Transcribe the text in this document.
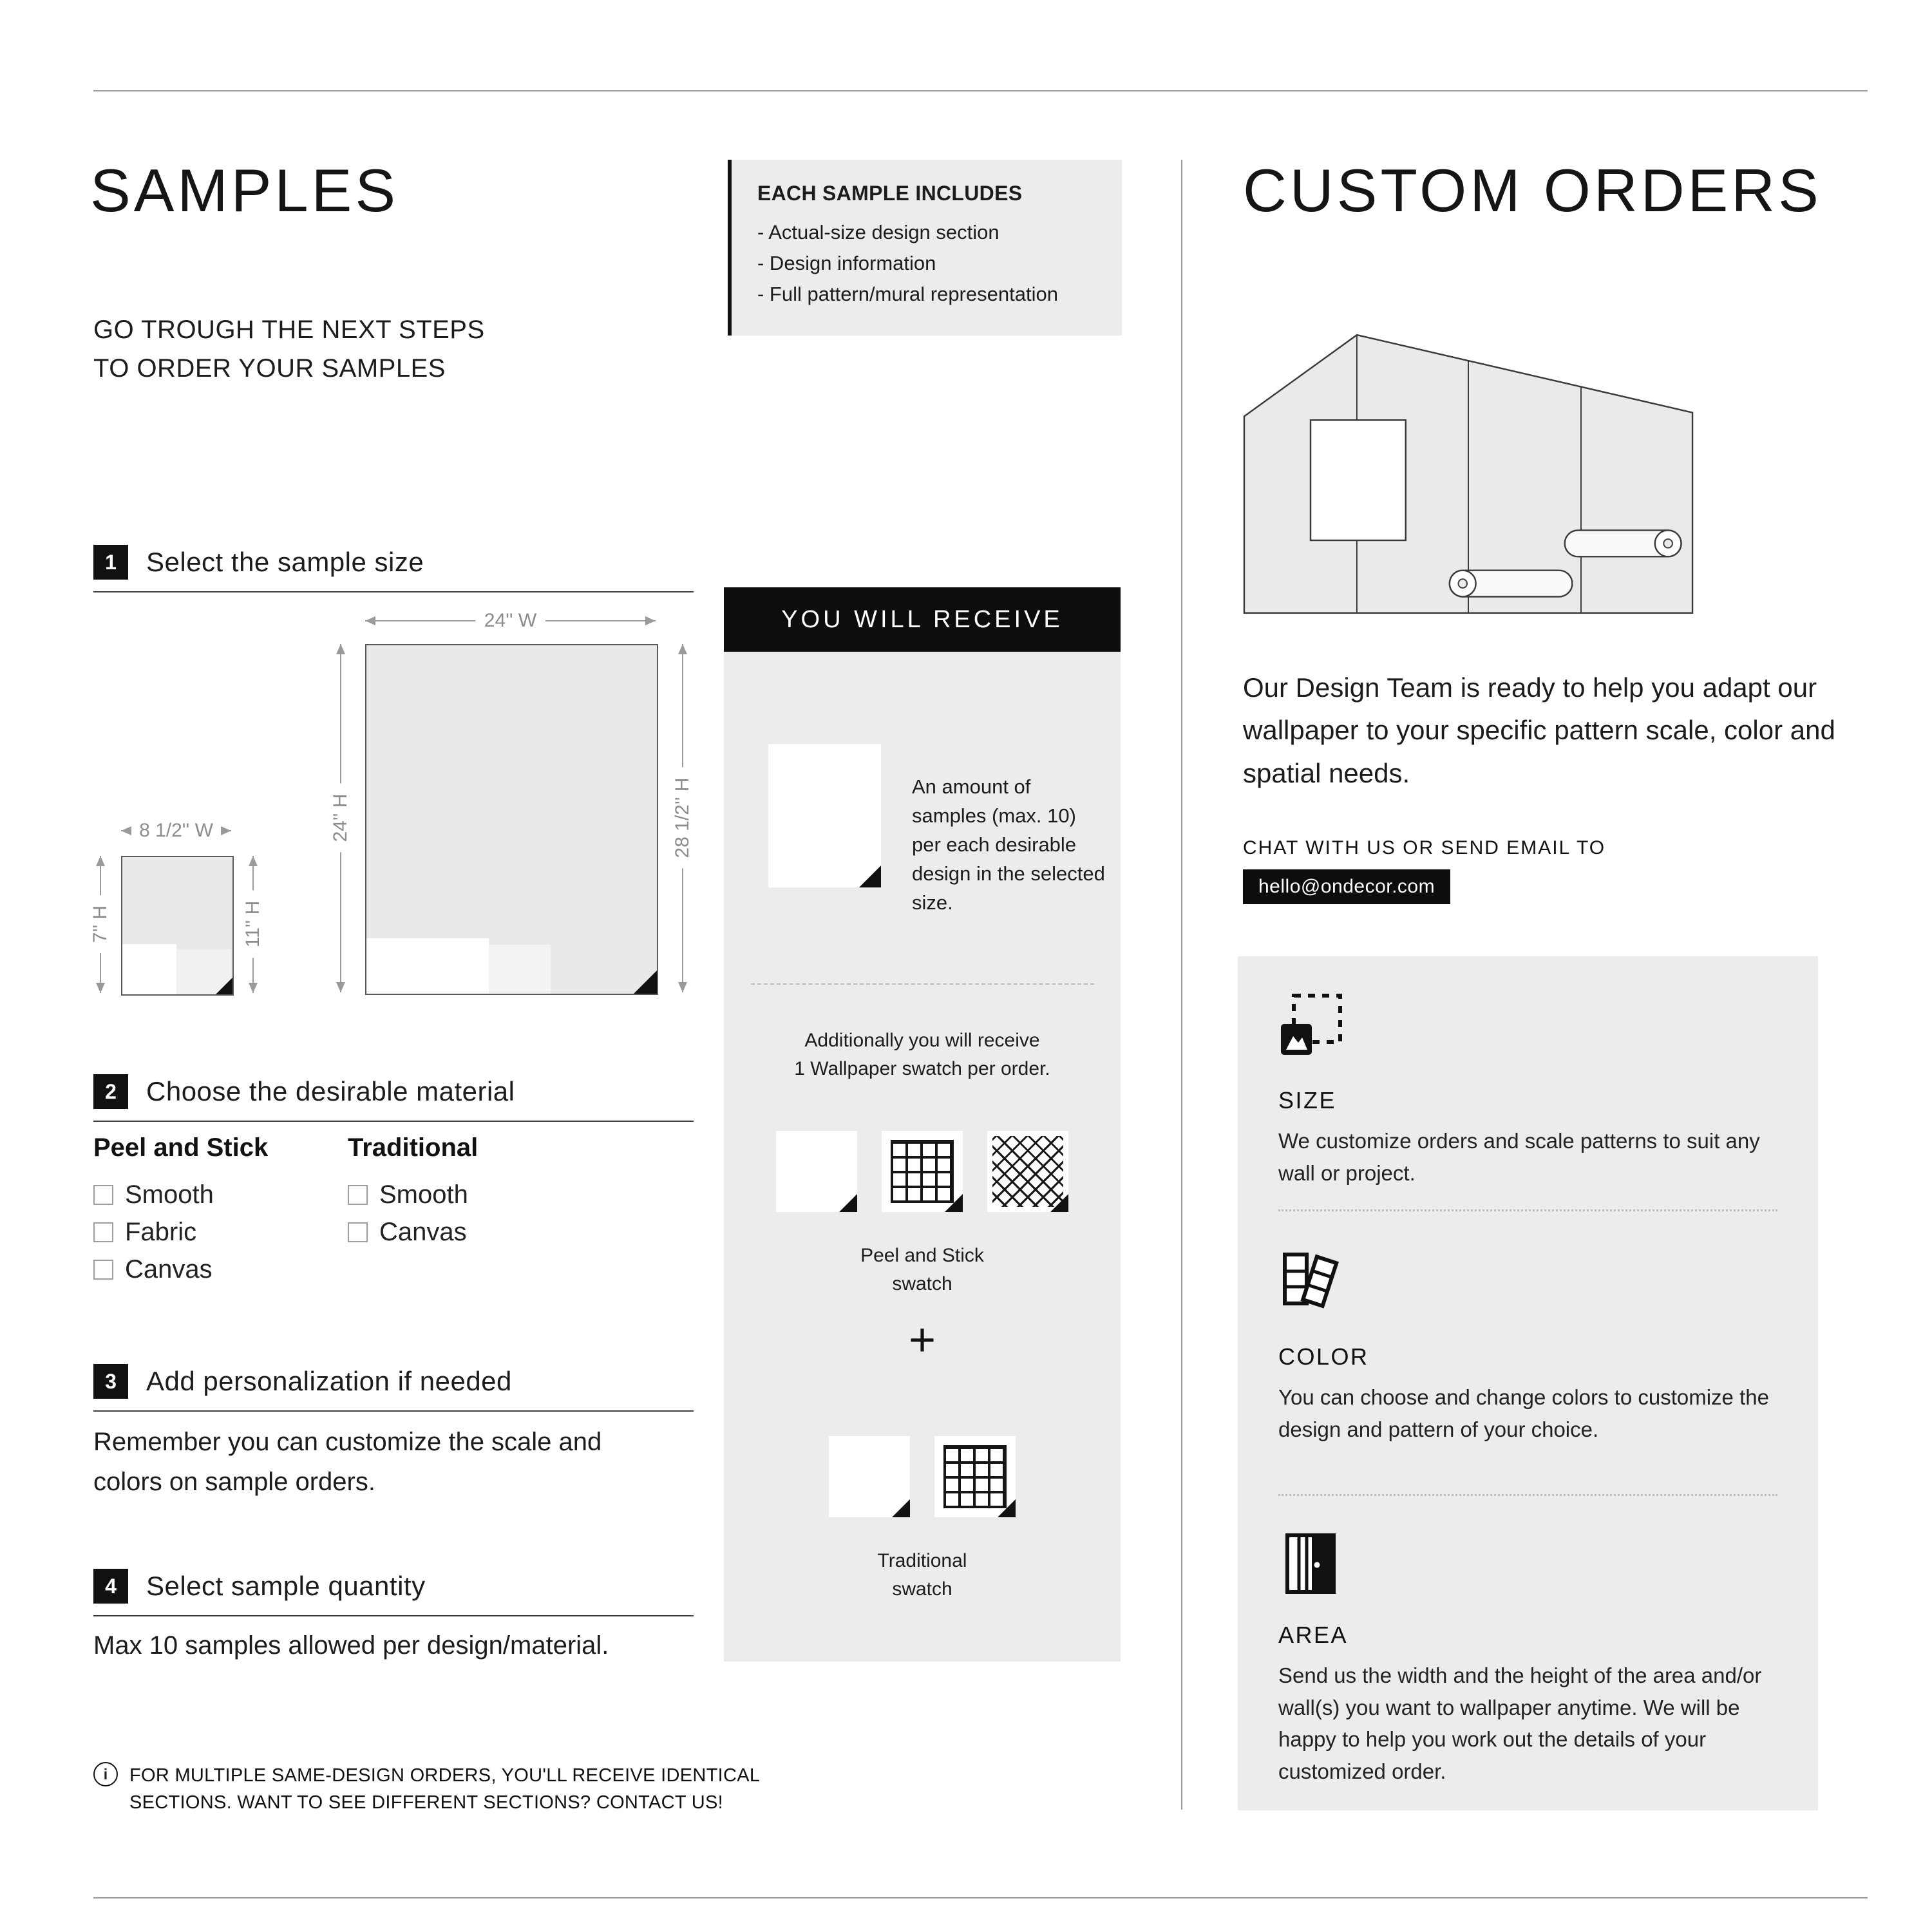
SAMPLES
GO TROUGH THE NEXT STEPS
TO ORDER YOUR SAMPLES
1	Select the sample size
24'' W
24'' H	28 1/2'' H
8 1/2'' W
7'' H	11'' H
2	Choose the desirable material
Peel and Stick
Smooth
Fabric
Canvas
Traditional
Smooth
Canvas
3	Add personalization if needed
Remember you can customize the scale and colors on sample orders.
4	Select sample quantity
Max 10 samples allowed per design/material.
i	FOR MULTIPLE SAME-DESIGN ORDERS, YOU'LL RECEIVE IDENTICAL
SECTIONS. WANT TO SEE DIFFERENT SECTIONS? CONTACT US!
EACH SAMPLE INCLUDES
- Actual-size design section
- Design information
- Full pattern/mural representation
YOU WILL RECEIVE
An amount of samples (max. 10) per each desirable design in the selected size.
Additionally you will receive
1 Wallpaper swatch per order.
Peel and Stick
swatch
+
Traditional
swatch
CUSTOM ORDERS
Our Design Team is ready to help you adapt our wallpaper to your specific pattern scale, color and spatial needs.
CHAT WITH US OR SEND EMAIL TO
hello@ondecor.com
SIZE
We customize orders and scale patterns to suit any wall or project.
COLOR
You can choose and change colors to customize the design and pattern of your choice.
AREA
Send us the width and the height of the area and/or wall(s) you want to wallpaper anytime. We will be happy to help you work out the details of your customized order.
